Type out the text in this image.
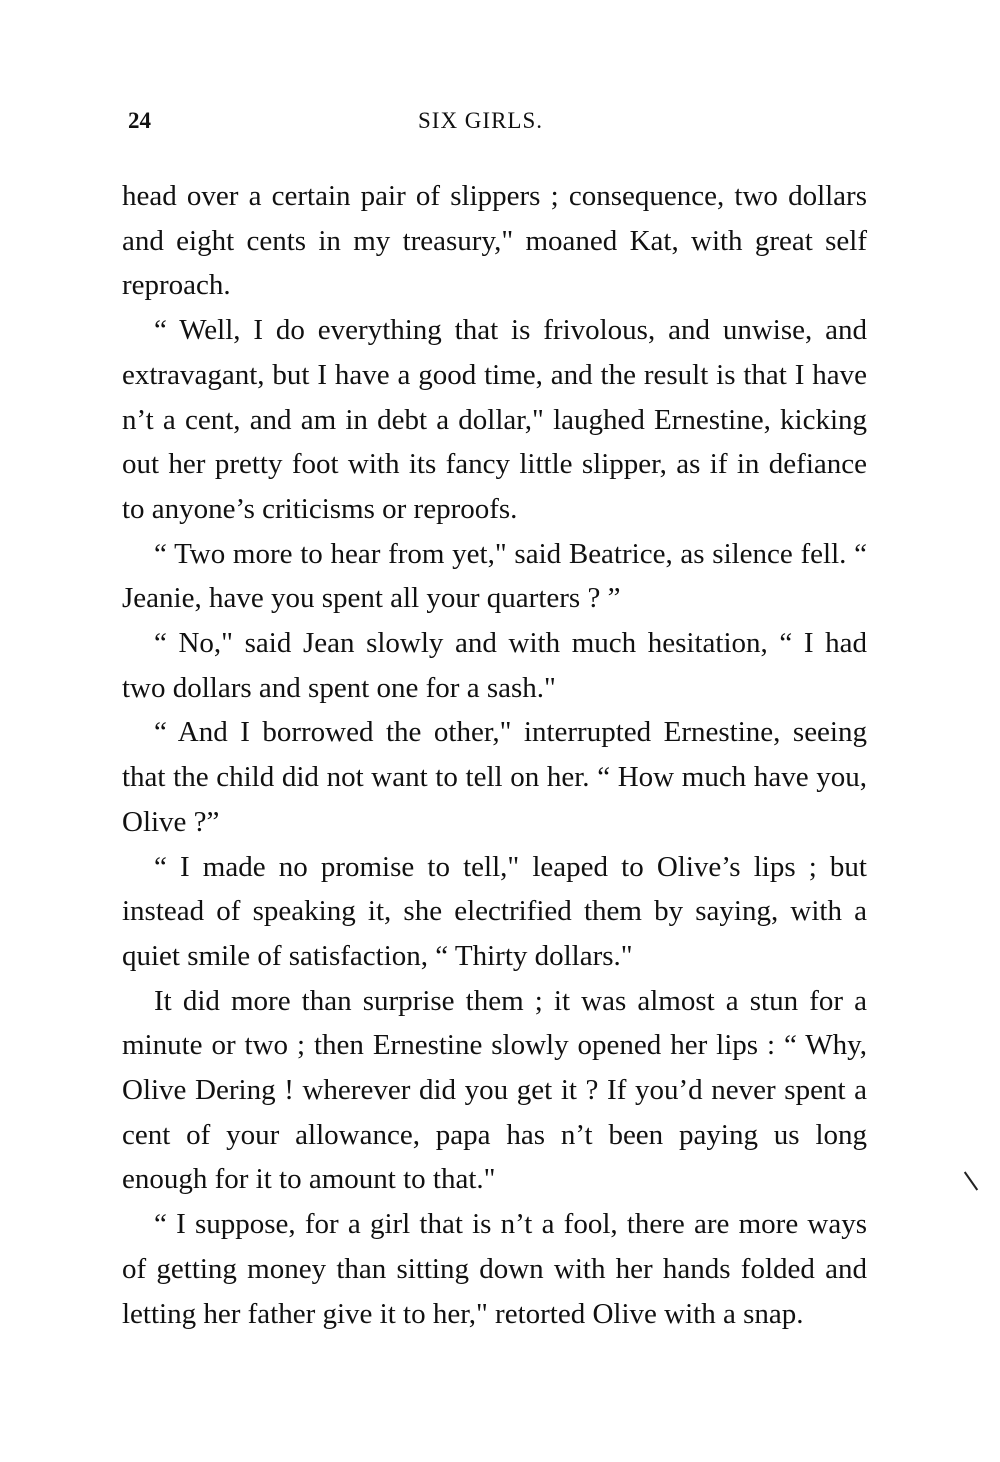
24	SIX GIRLS.

head over a certain pair of slippers ; consequence, two dollars and eight cents in my treasury," moaned Kat, with great self reproach.

“ Well, I do everything that is frivolous, and unwise, and extravagant, but I have a good time, and the result is that I have n’t a cent, and am in debt a dollar," laughed Ernestine, kicking out her pretty foot with its fancy little slipper, as if in defiance to anyone’s criticisms or reproofs.

“ Two more to hear from yet," said Beatrice, as silence fell. “ Jeanie, have you spent all your quarters ? ”

“ No," said Jean slowly and with much hesitation, “ I had two dollars and spent one for a sash."

“ And I borrowed the other," interrupted Ernestine, seeing that the child did not want to tell on her. “ How much have you, Olive ?”

“ I made no promise to tell," leaped to Olive’s lips ; but instead of speaking it, she electrified them by saying, with a quiet smile of satisfaction, “ Thirty dollars."

It did more than surprise them ; it was almost a stun for a minute or two ; then Ernestine slowly opened her lips : “ Why, Olive Dering ! wherever did you get it ? If you’d never spent a cent of your allowance, papa has n’t been paying us long enough for it to amount to that."

“ I suppose, for a girl that is n’t a fool, there are more ways of getting money than sitting down with her hands folded and letting her father give it to her," retorted Olive with a snap.
